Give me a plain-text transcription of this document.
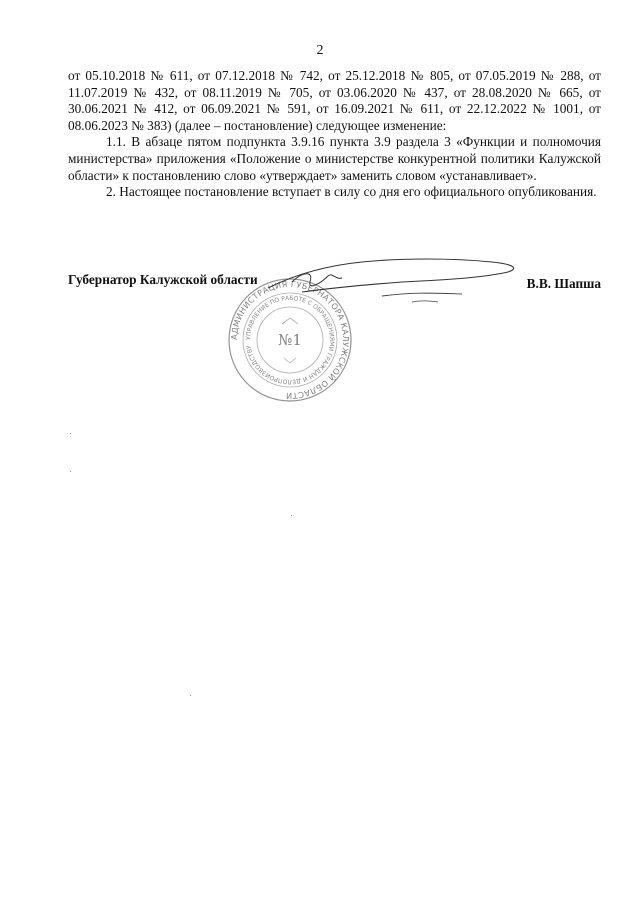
2

от 05.10.2018 № 611, от 07.12.2018 № 742, от 25.12.2018 № 805, от 07.05.2019 № 288, от 11.07.2019 № 432, от 08.11.2019 № 705, от 03.06.2020 № 437, от 28.08.2020 № 665, от 30.06.2021 № 412, от 06.09.2021 № 591, от 16.09.2021 № 611, от 22.12.2022 № 1001, от 08.06.2023 № 383) (далее – постановление) следующее изменение:

1.1. В абзаце пятом подпункта 3.9.16 пункта 3.9 раздела 3 «Функции и полномочия министерства» приложения «Положение о министерстве конкурентной политики Калужской области» к постановлению слово «утверждает» заменить словом «устанавливает».

2. Настоящее постановление вступает в силу со дня его официального опубликования.

АДМИНИСТРАЦИЯ ГУБЕРНАТОРА КАЛУЖСКОЙ ОБЛАСТИ
УПРАВЛЕНИЕ ПО РАБОТЕ С ОБРАЩЕНИЯМИ ГРАЖДАН И ДЕЛОПРОИЗВОДСТВУ	№1
Губернатор Калужской области	В.В. Шапша
